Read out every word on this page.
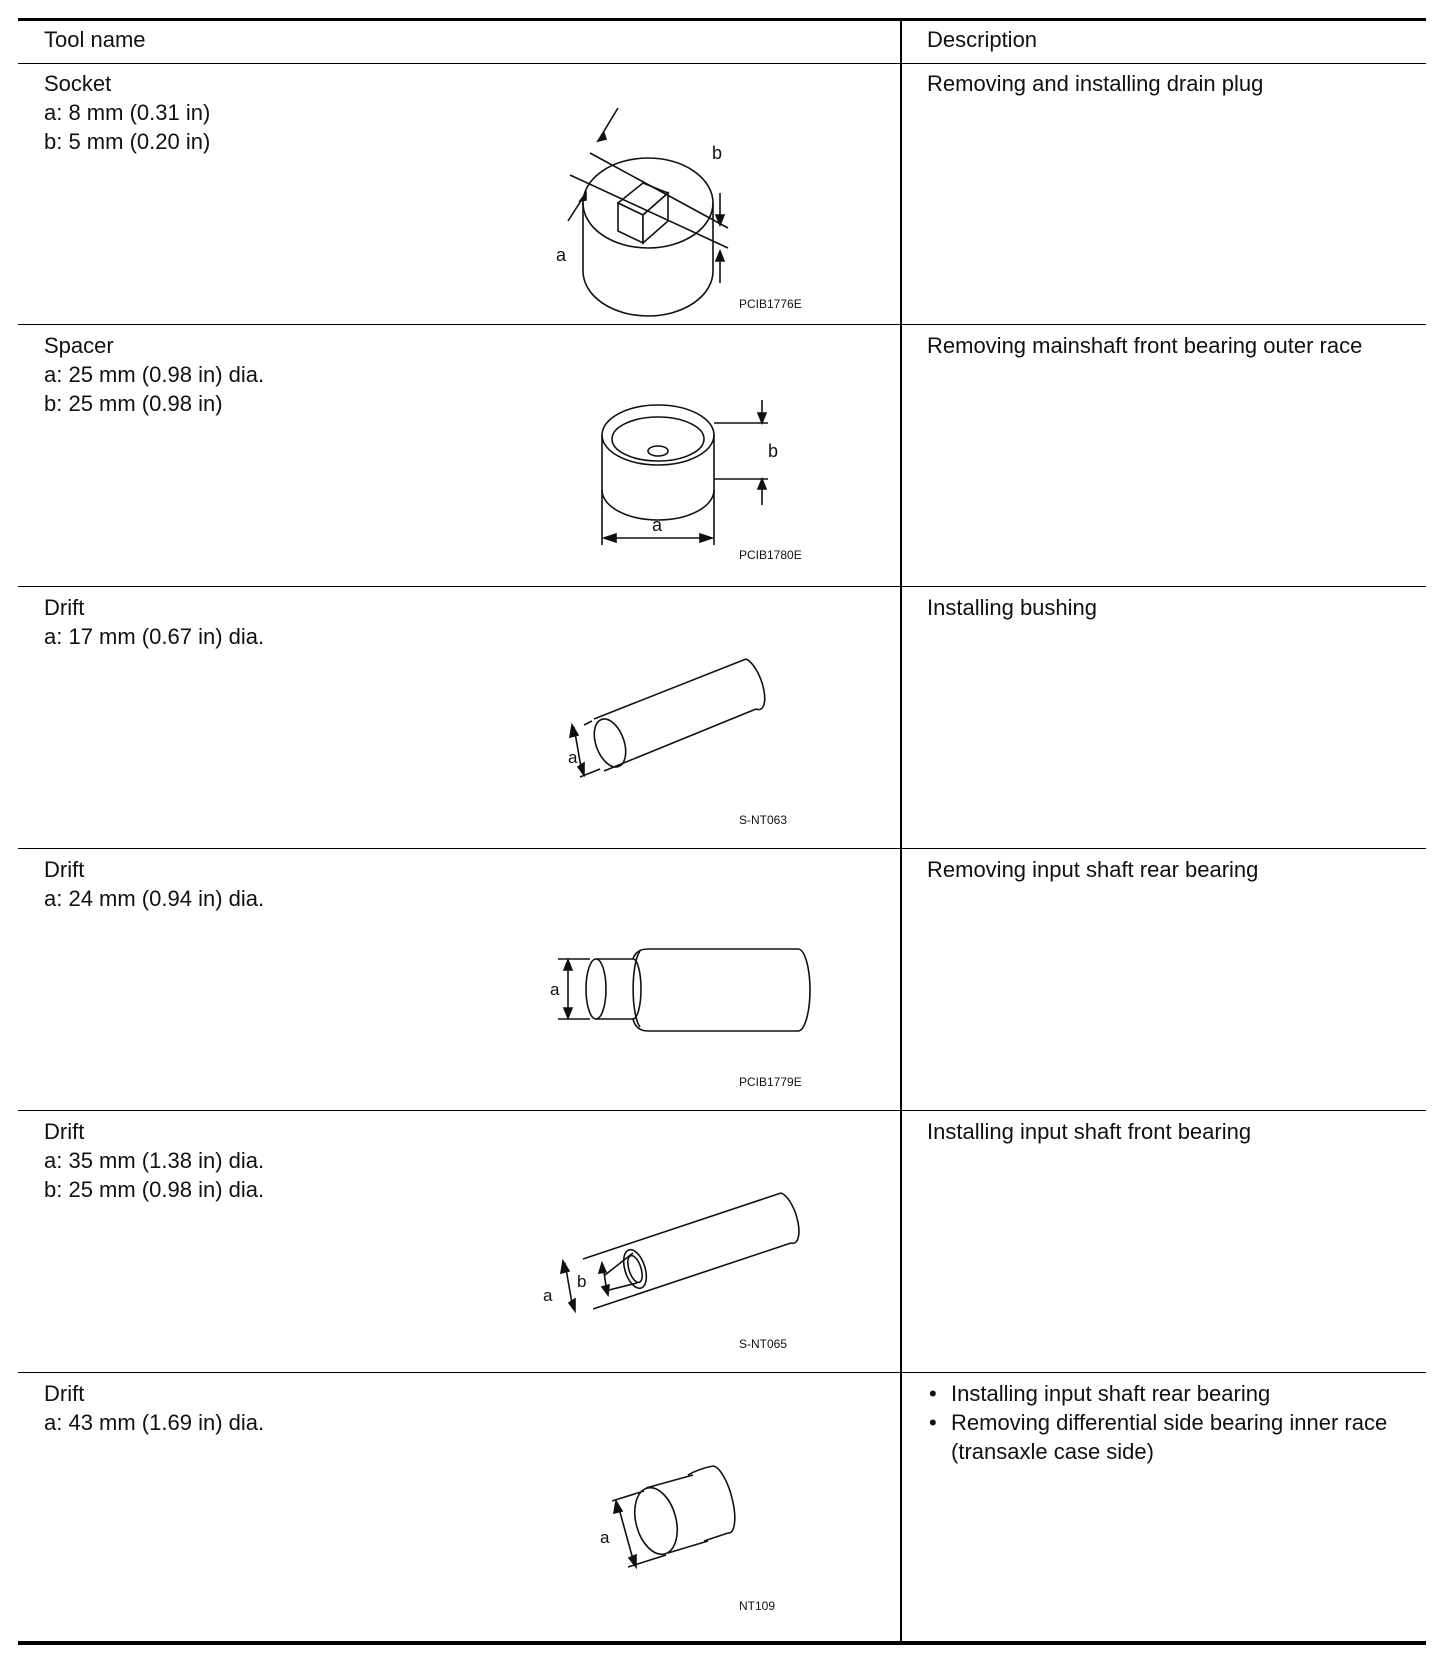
Tool name	Description
Socket
a: 8 mm (0.31 in)
b: 5 mm (0.20 in)
a
b
PCIB1776E
Removing and installing drain plug
Spacer
a: 25 mm (0.98 in) dia.
b: 25 mm (0.98 in)
a
b
PCIB1780E
Removing mainshaft front bearing outer race
Drift
a: 17 mm (0.67 in) dia.
a
S-NT063
Installing bushing
Drift
a: 24 mm (0.94 in) dia.
a
PCIB1779E
Removing input shaft rear bearing
Drift
a: 35 mm (1.38 in) dia.
b: 25 mm (0.98 in) dia.
a
b
S-NT065
Installing input shaft front bearing
Drift
a: 43 mm (1.69 in) dia.
a
NT109
• Installing input shaft rear bearing
• Removing differential side bearing inner race (transaxle case side)
